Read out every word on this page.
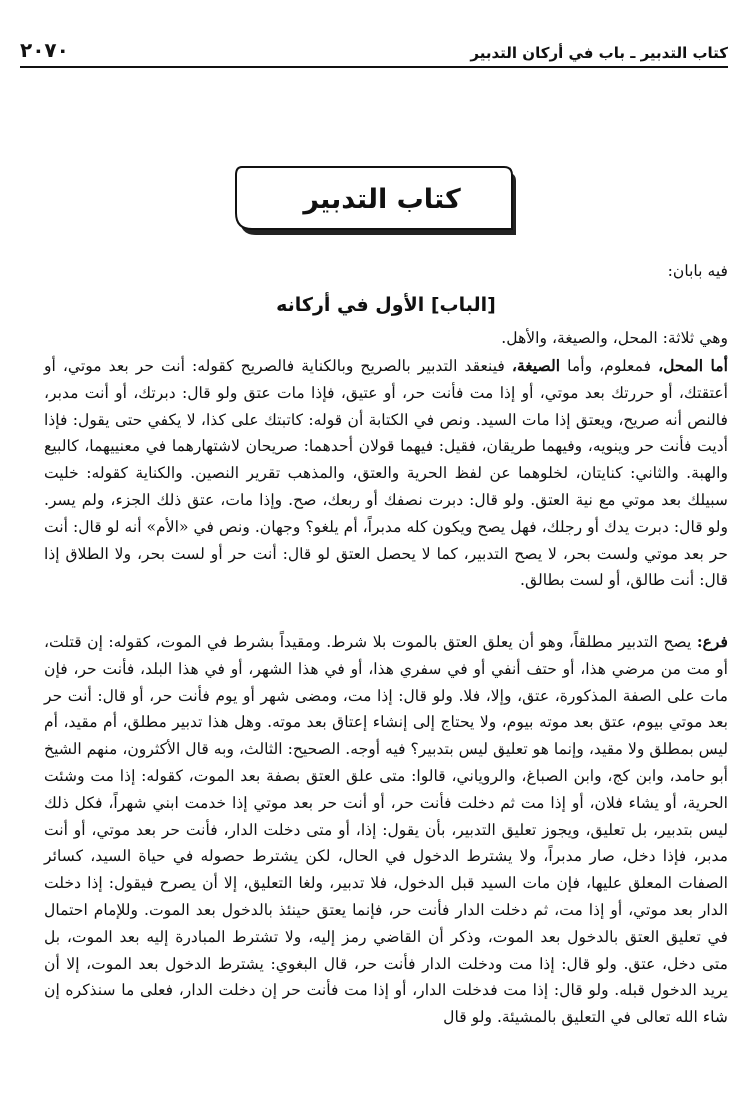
٢٠٧٠	كتاب التدبير ـ باب في أركان التدبير
كتاب التدبير
فيه بابان:
[الباب] الأول في أركانه
وهي ثلاثة: المحل، والصيغة، والأهل.

أما المحل، فمعلوم، وأما الصيغة، فينعقد التدبير بالصريح وبالكناية فالصريح كقوله: أنت حر بعد موتي، أو أعتقتك، أو حررتك بعد موتي، أو إذا مت فأنت حر، أو عتيق، فإذا مات عتق ولو قال: دبرتك، أو أنت مدبر، فالنص أنه صريح، ويعتق إذا مات السيد. ونص في الكتابة أن قوله: كاتبتك على كذا، لا يكفي حتى يقول: فإذا أديت فأنت حر وينويه، وفيهما طريقان، فقيل: فيهما قولان أحدهما: صريحان لاشتهارهما في معنييهما، كالبيع والهبة. والثاني: كنايتان، لخلوهما عن لفظ الحرية والعتق، والمذهب تقرير النصين. والكناية كقوله: خليت سبيلك بعد موتي مع نية العتق. ولو قال: دبرت نصفك أو ربعك، صح. وإذا مات، عتق ذلك الجزء، ولم يسر. ولو قال: دبرت يدك أو رجلك، فهل يصح ويكون كله مدبراً، أم يلغو؟ وجهان. ونص في «الأم» أنه لو قال: أنت حر بعد موتي ولست بحر، لا يصح التدبير، كما لا يحصل العتق لو قال: أنت حر أو لست بحر، ولا الطلاق إذا قال: أنت طالق، أو لست بطالق.

فرع: يصح التدبير مطلقاً، وهو أن يعلق العتق بالموت بلا شرط. ومقيداً بشرط في الموت، كقوله: إن قتلت، أو مت من مرضي هذا، أو حتف أنفي أو في سفري هذا، أو في هذا الشهر، أو في هذا البلد، فأنت حر، فإن مات على الصفة المذكورة، عتق، وإلا، فلا. ولو قال: إذا مت، ومضى شهر أو يوم فأنت حر، أو قال: أنت حر بعد موتي بيوم، عتق بعد موته بيوم، ولا يحتاج إلى إنشاء إعتاق بعد موته. وهل هذا تدبير مطلق، أم مقيد، أم ليس بمطلق ولا مقيد، وإنما هو تعليق ليس بتدبير؟ فيه أوجه. الصحيح: الثالث، وبه قال الأكثرون، منهم الشيخ أبو حامد، وابن كج، وابن الصباغ، والروياني، قالوا: متى علق العتق بصفة بعد الموت، كقوله: إذا مت وشئت الحرية، أو يشاء فلان، أو إذا مت ثم دخلت فأنت حر، أو أنت حر بعد موتي إذا خدمت ابني شهراً، فكل ذلك ليس بتدبير، بل تعليق، ويجوز تعليق التدبير، بأن يقول: إذا، أو متى دخلت الدار، فأنت حر بعد موتي، أو أنت مدبر، فإذا دخل، صار مدبراً، ولا يشترط الدخول في الحال، لكن يشترط حصوله في حياة السيد، كسائر الصفات المعلق عليها، فإن مات السيد قبل الدخول، فلا تدبير، ولغا التعليق، إلا أن يصرح فيقول: إذا دخلت الدار بعد موتي، أو إذا مت، ثم دخلت الدار فأنت حر، فإنما يعتق حينئذ بالدخول بعد الموت. وللإمام احتمال في تعليق العتق بالدخول بعد الموت، وذكر أن القاضي رمز إليه، ولا تشترط المبادرة إليه بعد الموت، بل متى دخل، عتق. ولو قال: إذا مت ودخلت الدار فأنت حر، قال البغوي: يشترط الدخول بعد الموت، إلا أن يريد الدخول قبله. ولو قال: إذا مت فدخلت الدار، أو إذا مت فأنت حر إن دخلت الدار، فعلى ما سنذكره إن شاء الله تعالى في التعليق بالمشيئة. ولو قال
